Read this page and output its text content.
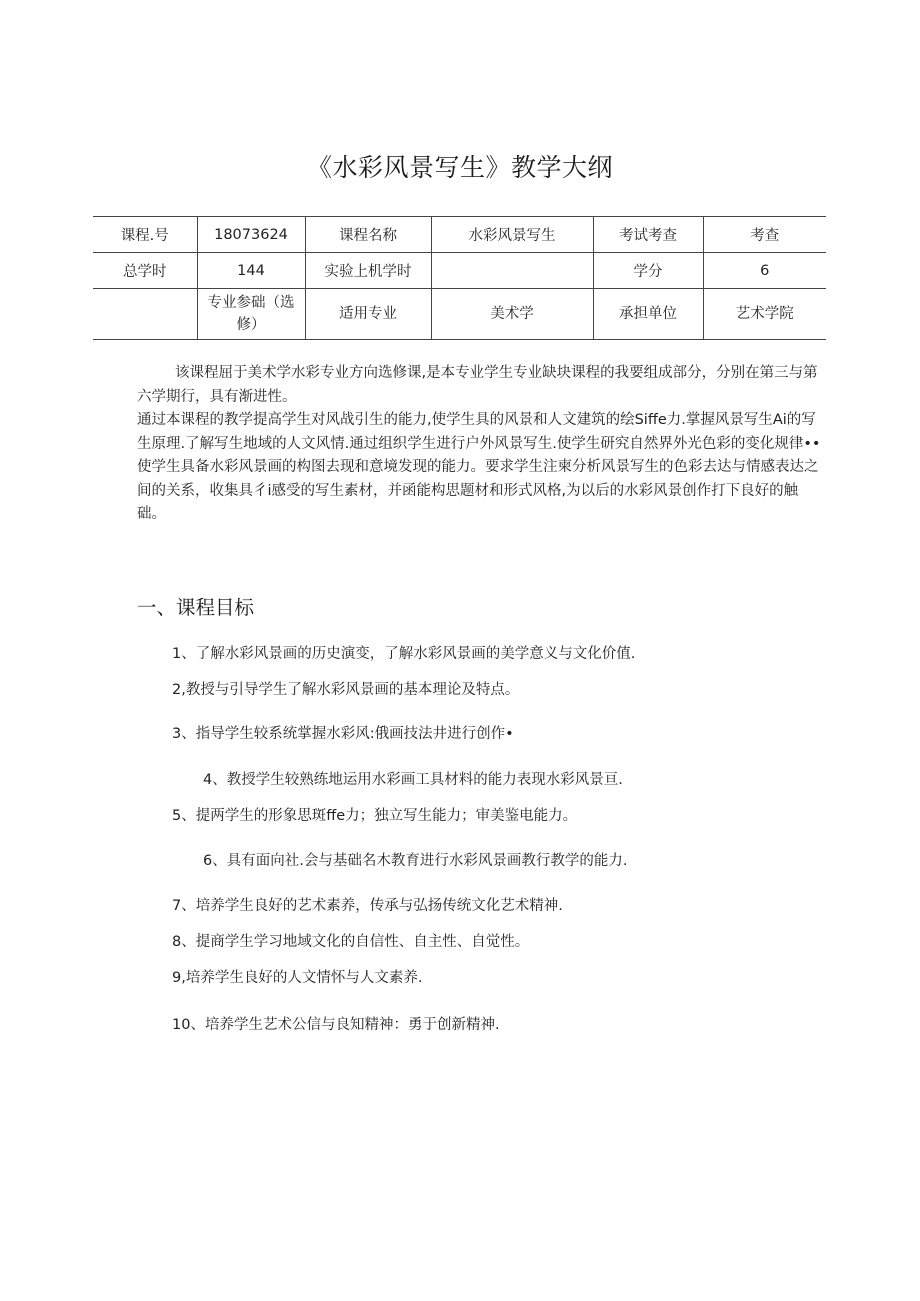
《水彩风景写生》教学大纲
课程.号	18073624	课程名称	水彩风景写生	考试考查	考查
总学时	144	实验上机学时		学分	6
	专业参础（选修）	适用专业	美术学	承担单位	艺术学院

该课程屈于美术学水彩专业方向选修课,是本专业学生专业缺块课程的我要组成部分，分别在第三与第六学期行，具有渐进性。

通过本课程的教学提高学生对风战引生的能力,使学生具的风景和人文建筑的绘Siffe力.掌握风景写生Ai的写生原理.了解写生地域的人文风情.通过组织学生进行户外风景写生.使学生研究自然界外光色彩的变化规律••使学生具备水彩风景画的构图去现和意境发现的能力。要求学生注柬分析风景写生的色彩去达与情感表达之间的关系，收集具彳i感受的写生素材，并函能构思题材和形式风格,为以后的水彩风景创作打下良好的触础。

一、课程目标
1、了解水彩风景画的历史演变，了解水彩风景画的美学意义与文化价值.
2,教授与引导学生了解水彩风景画的基本理论及特点。
3、指导学生较系统掌握水彩风:俄画技法井进行创作•
4、教授学生较熟练地运用水彩画工具材料的能力表现水彩风景亘.
5、提两学生的形象思斑ffe力；独立写生能力；审美鉴电能力。
6、具有面向社.会与基础名木教育进行水彩风景画教行教学的能力.
7、培养学生良好的艺术素养，传承与弘扬传统文化艺术精神.
8、提商学生学习地域文化的自信性、自主性、自觉性。
9,培养学生良好的人文情怀与人文素养.
10、培养学生艺术公信与良知精神：勇于创新精神.
